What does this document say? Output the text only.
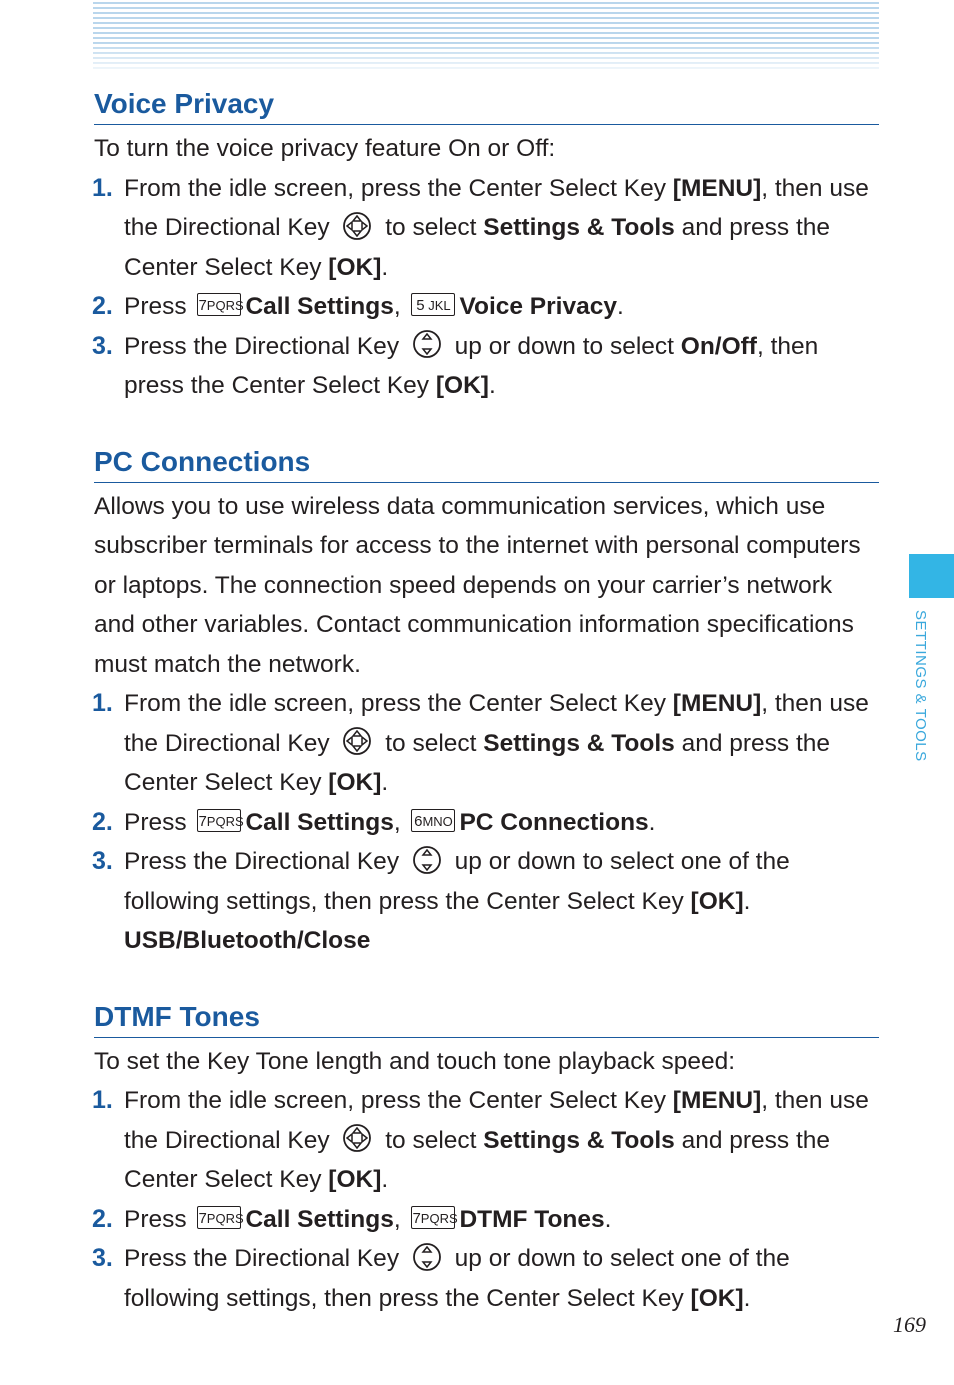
SETTINGS & TOOLS
169
Voice Privacy

To turn the voice privacy feature On or Off:

1. From the idle screen, press the Center Select Key [MENU], then use the Directional Key  to select Settings & Tools and press the Center Select Key [OK].
2. Press 7PQRSCall Settings, 5 JKL Voice Privacy.
3. Press the Directional Key  up or down to select On/Off, then press the Center Select Key [OK].
PC Connections

Allows you to use wireless data communication services, which use subscriber terminals for access to the internet with personal computers or laptops. The connection speed depends on your carrier’s network and other variables. Contact communication information specifications must match the network.

1. From the idle screen, press the Center Select Key [MENU], then use the Directional Key  to select Settings & Tools and press the Center Select Key [OK].
2. Press 7PQRSCall Settings, 6MNO PC Connections.
3. Press the Directional Key  up or down to select one of the following settings, then press the Center Select Key [OK].
USB/Bluetooth/Close
DTMF Tones

To set the Key Tone length and touch tone playback speed:

1. From the idle screen, press the Center Select Key [MENU], then use the Directional Key  to select Settings & Tools and press the Center Select Key [OK].
2. Press 7PQRSCall Settings, 7PQRSDTMF Tones.
3. Press the Directional Key  up or down to select one of the following settings, then press the Center Select Key [OK].
